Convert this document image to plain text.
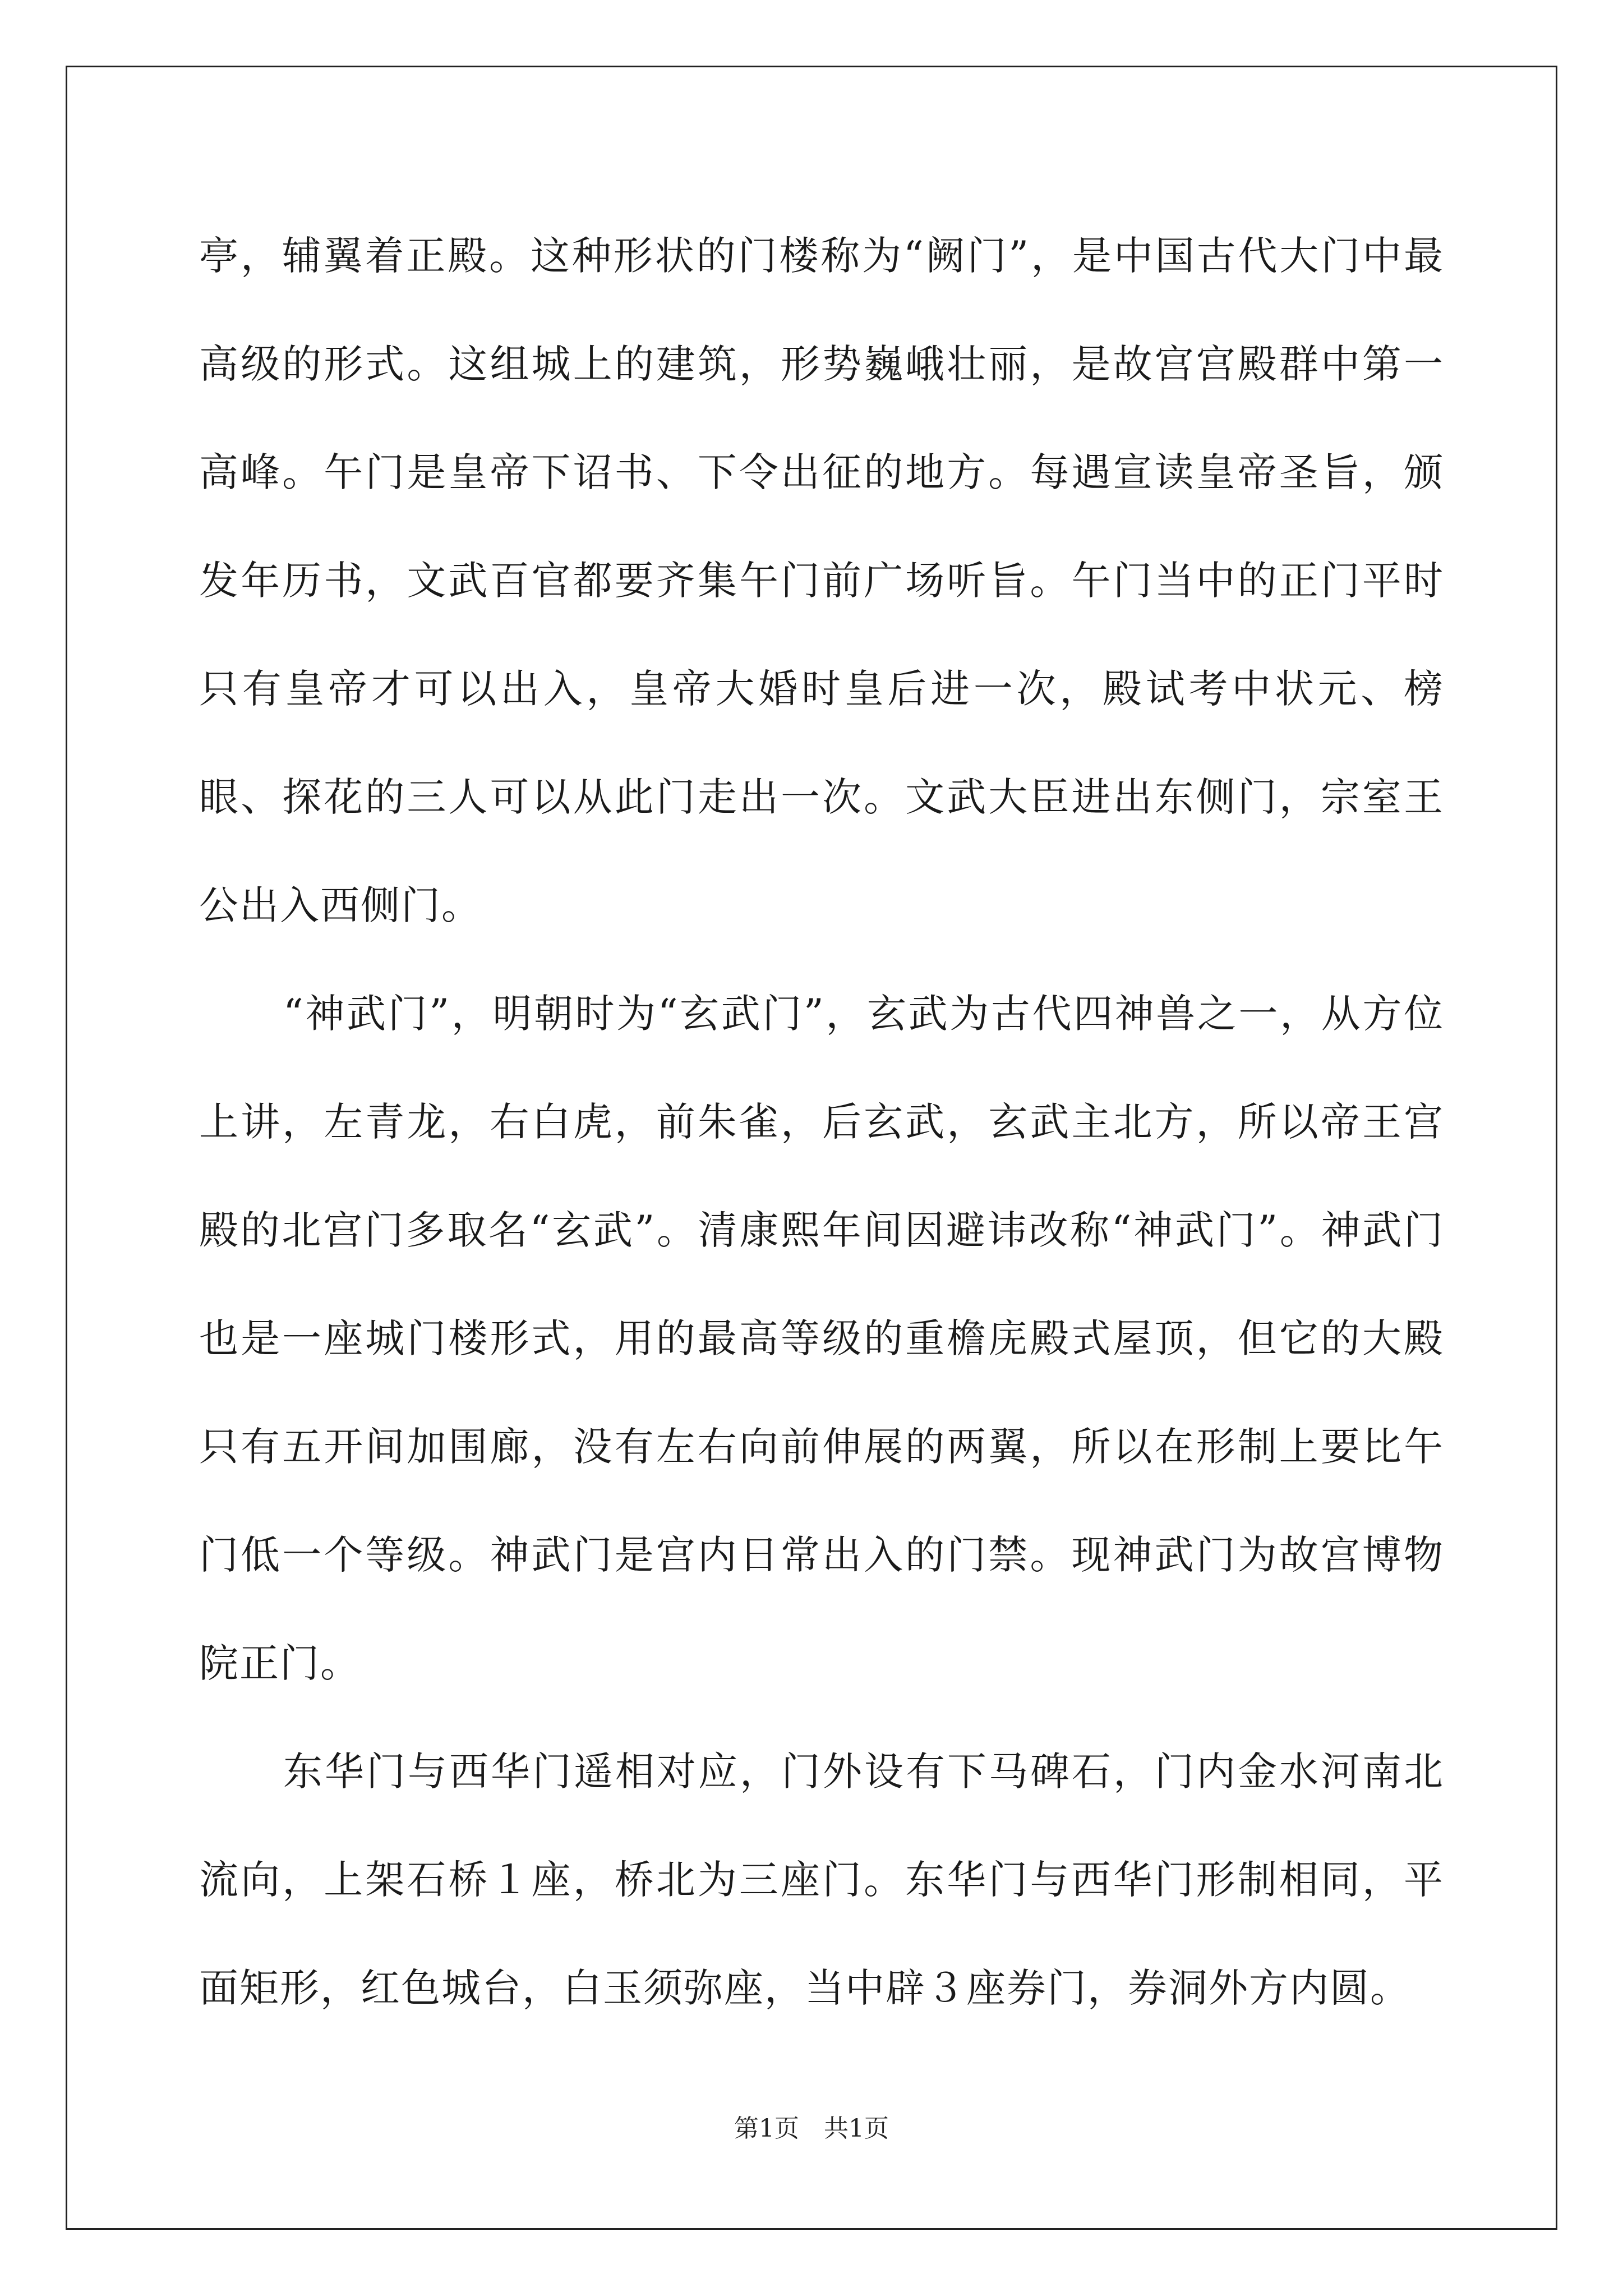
亭，辅翼着正殿。这种形状的门楼称为“阙门”，是中国古代大门中最高级的形式。这组城上的建筑，形势巍峨壮丽，是故宫宫殿群中第一高峰。午门是皇帝下诏书、下令出征的地方。每遇宣读皇帝圣旨，颁发年历书，文武百官都要齐集午门前广场听旨。午门当中的正门平时只有皇帝才可以出入，皇帝大婚时皇后进一次，殿试考中状元、榜眼、探花的三人可以从此门走出一次。文武大臣进出东侧门，宗室王公出入西侧门。

“神武门”，明朝时为“玄武门”，玄武为古代四神兽之一，从方位上讲，左青龙，右白虎，前朱雀，后玄武，玄武主北方，所以帝王宫殿的北宫门多取名“玄武”。清康熙年间因避讳改称“神武门”。神武门也是一座城门楼形式，用的最高等级的重檐庑殿式屋顶，但它的大殿只有五开间加围廊，没有左右向前伸展的两翼，所以在形制上要比午门低一个等级。神武门是宫内日常出入的门禁。现神武门为故宫博物院正门。

东华门与西华门遥相对应，门外设有下马碑石，门内金水河南北流向，上架石桥１座，桥北为三座门。东华门与西华门形制相同，平面矩形，红色城台，白玉须弥座，当中辟３座券门，券洞外方内圆。

第1页 共1页
